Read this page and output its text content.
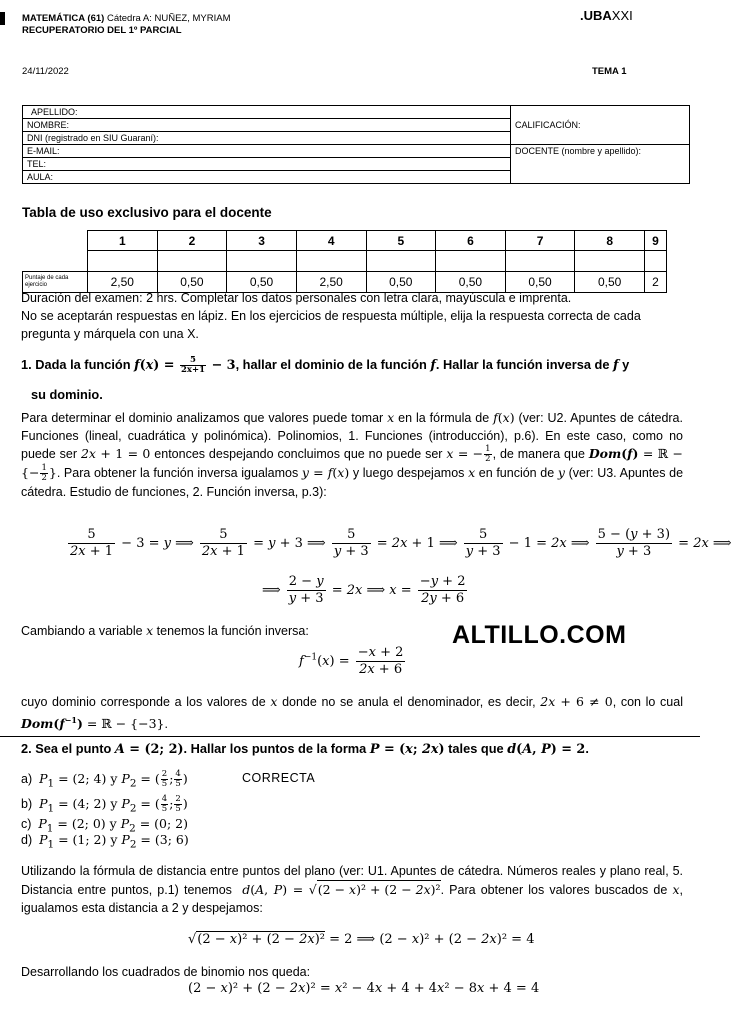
MATEMÁTICA (61) Cátedra A: NUÑEZ, MYRIAM
RECUPERATORIO DEL 1º PARCIAL
.UBAXXI
24/11/2022	TEMA 1
APELLIDO:	CALIFICACIÓN:
NOMBRE:	
DNI (registrado en SIU Guaraní):	
E-MAIL:	DOCENTE (nombre y apellido):
TEL:	
AULA:	
Tabla de uso exclusivo para el docente
	1	2	3	4	5	6	7	8	9

Puntaje de cada ejercicio	2,50	0,50	0,50	2,50	0,50	0,50	0,50	0,50	2
Duración del examen: 2 hrs. Completar los datos personales con letra clara, mayúscula e imprenta.
No se aceptarán respuestas en lápiz. En los ejercicios de respuesta múltiple, elija la respuesta correcta de cada pregunta y márquela con una X.
1. Dada la función $f(x) = \frac{5}{2x+1} - 3$, hallar el dominio de la función f. Hallar la función inversa de f y
su dominio.
Para determinar el dominio analizamos que valores puede tomar x en la fórmula de f(x) (ver: U2. Apuntes de cátedra. Funciones (lineal, cuadrática y polinómica). Polinomios, 1. Funciones (introducción), p.6). En este caso, como no puede ser 2x + 1 = 0 entonces despejando concluimos que no puede ser x = − $\frac{1}{2}$ , de manera que Dom(f) = ℝ − {− $\frac{1}{2}$ }. Para obtener la función inversa igualamos y = f(x) y luego despejamos x en función de y (ver: U3. Apuntes de cátedra. Estudio de funciones, 2. Función inversa, p.3):
$\frac{5}{2x + 1} - 3 = y$ ⟹ $\frac{5}{2x + 1} = y + 3$ ⟹ $\frac{5}{y + 3} = 2x + 1$ ⟹ $\frac{5}{y + 3} - 1 = 2x$ ⟹ $\frac{5 - (y + 3)}{y + 3} = 2x$ ⟹
⟹ $\frac{2 - y}{y + 3} = 2x$ ⟹ $x = \frac{-y + 2}{2y + 6}$
Cambiando a variable x tenemos la función inversa:	ALTILLO.COM
$f^{-1}(x) = \frac{-x + 2}{2x + 6}$
cuyo dominio corresponde a los valores de x donde no se anula el denominador, es decir, 2x + 6 ≠ 0, con lo cual $Dom(f^{-1})$ = ℝ − {−3}.
2. Sea el punto A = (2; 2). Hallar los puntos de la forma P = (x; 2x) tales que d(A, P) = 2.
a) $P_1 = (2$; 4) y $P_2$ = ( $\frac{2}{5}$ ; $\frac{4}{5}$ )	CORRECTA
b) $P_1 = (4$; 2) y $P_2$ = ( $\frac{4}{5}$ ; $\frac{2}{5}$ )
c) $P_1 = (2$; 0) y $P_2 = (0$; 2)
d) $P_1 = (1$; 2) y $P_2 = (3$; 6)
Utilizando la fórmula de distancia entre puntos del plano (ver: U1. Apuntes de cátedra. Números reales y plano real, 5. Distancia entre puntos, p.1) tenemos d(A, P) = √(2 − x)² + (2 − 2x)². Para obtener los valores buscados de x, igualamos esta distancia a 2 y despejamos:
√(2 − x)² + (2 − 2x)² = 2 ⟹ (2 − x)² + (2 − 2x)² = 4
Desarrollando los cuadrados de binomio nos queda:
(2 − x)² + (2 − 2x)² = x² − 4x + 4 + 4x² − 8x + 4 = 4
